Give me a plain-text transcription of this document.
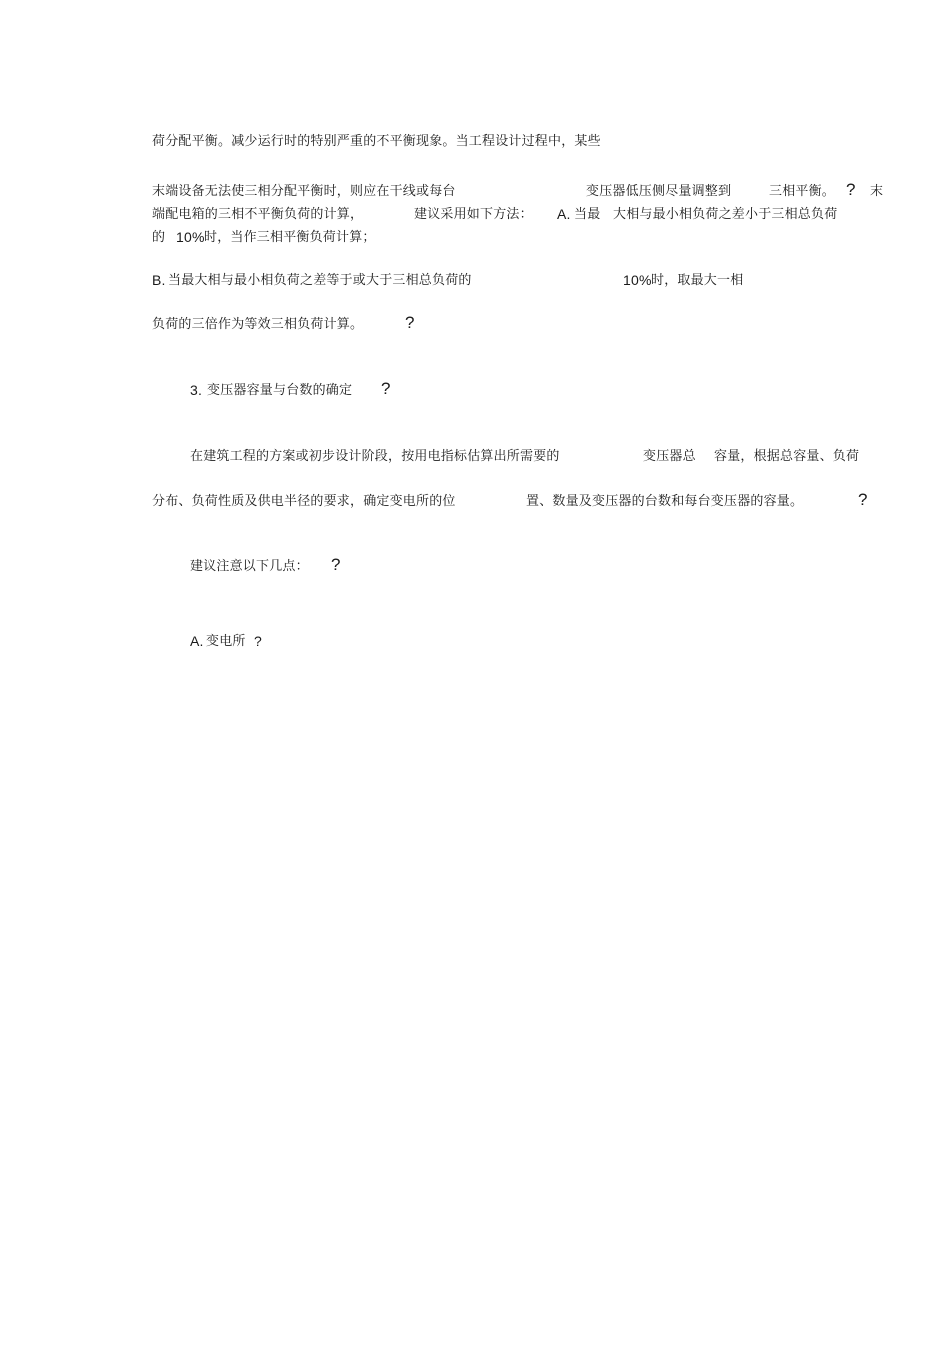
荷分配平衡。减少运行时的特别严重的不平衡现象。当工程设计过程中，某些
末端设备无法使三相分配平衡时，则应在干线或每台	变压器低压侧尽量调整到	三相平衡。 ? 末
端配电箱的三相不平衡负荷的计算，	建议采用如下方法： A. 当最 大相与最小相负荷之差小于三相总负荷
的 10% 时，当作三相平衡负荷计算；
B. 当最大相与最小相负荷之差等于或大于三相总负荷的	10% 时，取最大一相
负荷的三倍作为等效三相负荷计算。 ?
3. 变压器容量与台数的确定 ?
在建筑工程的方案或初步设计阶段，按用电指标估算出所需要的	变压器总 容量，根据总容量、负荷
分布、负荷性质及供电半径的要求，确定变电所的位	置、数量及变压器的台数和每台变压器的容量。	?
建议注意以下几点： ?
A. 变电所 ?
